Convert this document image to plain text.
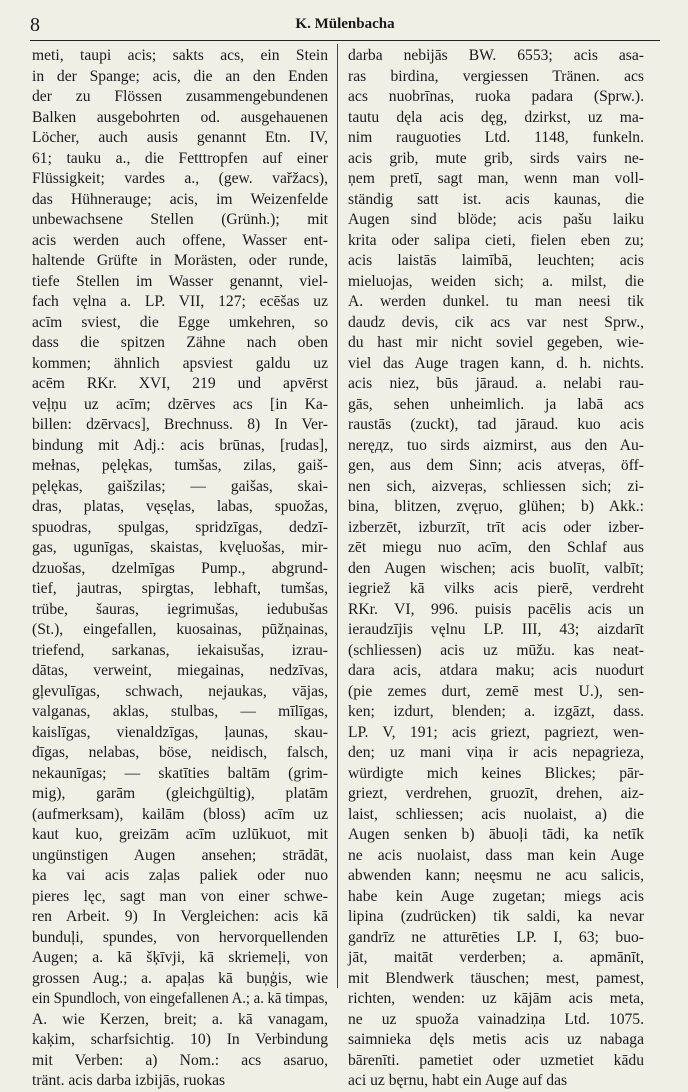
8	K. Mülenbacha
meti, taupi acis; sakts acs, ein Stein
in der Spange; acis, die an den Enden
der zu Flössen zusammengebundenen
Balken ausgebohrten od. ausgehauenen
Löcher, auch ausis genannt Etn. IV,
61; tauku a., die Fetttropfen auf einer
Flüssigkeit; vardes a., (gew. vařžacs),
das Hühnerauge; acis, im Weizenfelde
unbewachsene Stellen (Grünh.); mit
acis werden auch offene, Wasser ent-
haltende Grüfte in Morästen, oder runde,
tiefe Stellen im Wasser genannt, viel-
fach vęlna a. LP. VII, 127; ecēšas uz
acīm sviest, die Egge umkehren, so
dass die spitzen Zähne nach oben
kommen; ähnlich apsviest galdu uz
acēm RKr. XVI, 219 und apvērst
veļņu uz acīm; dzērves acs [in Ka-
billen: dzērvacs], Brechnuss. 8) In Ver-
bindung mit Adj.: acis brūnas, [rudas],
mełnas, pęlękas, tumšas, zilas, gaiš-
pęlękas, gaišzilas; — gaišas, skai-
dras, platas, vęsęlas, labas, spuožas,
spuodras, spulgas, spridzīgas, dedzī-
gas, ugunīgas, skaistas, kvęluošas, mir-
dzuošas, dzelmīgas Pump., abgrund-
tief, jautras, spirgtas, lebhaft, tumšas,
trübe, šauras, iegrimušas, iedubušas
(St.), eingefallen, kuosainas, pūžņainas,
triefend, sarkanas, iekaisušas, izrau-
dātas, verweint, miegainas, nedzīvas,
gļevulīgas, schwach, nejaukas, vājas,
valganas, aklas, stulbas, — mīlīgas,
kaislīgas, vienaldzīgas, ļaunas, skau-
dīgas, nelabas, böse, neidisch, falsch,
nekaunīgas; — skatīties baltām (grim-
mig), garām (gleichgültig), platām
(aufmerksam), kailām (bloss) acīm uz
kaut kuo, greizām acīm uzlūkuot, mit
ungünstigen Augen ansehen; strādāt,
ka vai acis zaļas paliek oder nuo
pieres lęc, sagt man von einer schwe-
ren Arbeit. 9) In Vergleichen: acis kā
bunduļi, spundes, von hervorquellenden
Augen; a. kā šķīvji, kā skriemeļi, von
grossen Aug.; a. apaļas kā buņģis, wie
ein Spundloch, von eingefallenen A.; a. kā timpas,
A. wie Kerzen, breit; a. kā vanagam,
kaķim, scharfsichtig. 10) In Verbindung
mit Verben: a) Nom.: acs asaruo,
tränt. acis darba izbijās, ruokas
darba nebijās BW. 6553; acis asa-
ras birdina, vergiessen Tränen. acs
acs nuobrīnas, ruoka padara (Sprw.).
tautu dęla acis dęg, dzirkst, uz ma-
nim rauguoties Ltd. 1148, funkeln.
acis grib, mute grib, sirds vairs ne-
ņem pretī, sagt man, wenn man voll-
ständig satt ist. acis kaunas, die
Augen sind blöde; acis pašu laiku
krita oder salipa cieti, fielen eben zu;
acis laistās laimībā, leuchten; acis
mieluojas, weiden sich; a. milst, die
A. werden dunkel. tu man neesi tik
daudz devis, cik acs var nest Sprw.,
du hast mir nicht soviel gegeben, wie-
viel das Auge tragen kann, d. h. nichts.
acis niez, būs jāraud. a. nelabi rau-
gās, sehen unheimlich. ja labā acs
raustās (zuckt), tad jāraud. kuo acis
neręдz, tuo sirds aizmirst, aus den Au-
gen, aus dem Sinn; acis atveŗas, öff-
nen sich, aizveŗas, schliessen sich; zi-
bina, blitzen, zvęŗuo, glühen; b) Akk.:
izberzēt, izburzīt, trīt acis oder izber-
zēt miegu nuo acīm, den Schlaf aus
den Augen wischen; acis buolīt, valbīt;
iegriež kā vilks acis pierē, verdreht
RKr. VI, 996. puisis pacēlis acis un
ieraudzījis vęlnu LP. III, 43; aizdarīt
(schliessen) acis uz mūžu. kas neat-
darа acis, atdara maku; acis nuodurt
(pie zemes durt, zemē mest U.), sen-
ken; izdurt, blenden; a. izgāzt, dass.
LP. V, 191; acis griezt, pagriezt, wen-
den; uz mani viņa ir acis nepagrieza,
würdigte mich keines Blickes; pār-
griezt, verdrehen, gruozīt, drehen, aiz-
laist, schliessen; acis nuolaist, a) die
Augen senken b) ābuoļi tādi, ka netīk
ne acis nuolaist, dass man kein Auge
abwenden kann; neęsmu ne acu salicis,
habe kein Auge zugetan; miegs acis
lipina (zudrücken) tik saldi, ka nevar
gandrīz ne atturēties LP. I, 63; buo-
jāt, maitāt verderben; a. apmānīt,
mit Blendwerk täuschen; mest, pamest,
richten, wenden: uz kājām acis meta,
ne uz spuožа vainadziņa Ltd. 1075.
saimnieka dęls metis acis uz nabaga
bārenīti. pametiet oder uzmetiet kādu
aci uz bęrnu, habt ein Auge auf das
